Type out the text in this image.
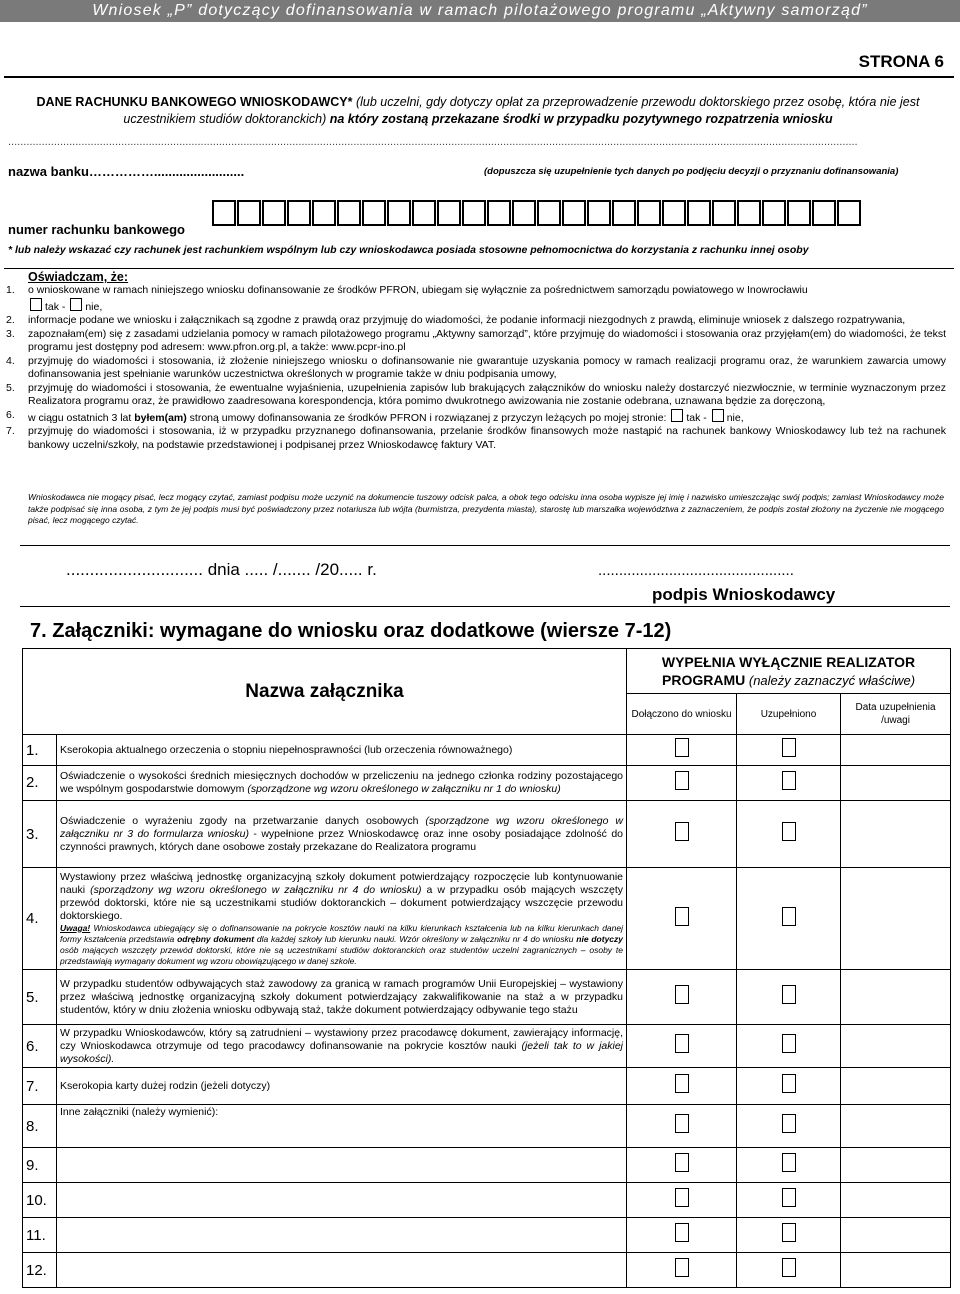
Wniosek „P” dotyczący dofinansowania w ramach pilotażowego programu „Aktywny samorząd”
STRONA 6
DANE RACHUNKU BANKOWEGO WNIOSKODAWCY* (lub uczelni, gdy dotyczy opłat za przeprowadzenie przewodu doktorskiego przez osobę, która nie jest uczestnikiem studiów doktoranckich) na który zostaną przekazane środki w przypadku pozytywnego rozpatrzenia wniosku
......................................................................................................................................................................................................................................................................................
nazwa banku…………….........................	(dopuszcza się uzupełnienie tych danych po podjęciu decyzji o przyznaniu dofinansowania)
numer rachunku bankowego
* lub należy wskazać czy rachunek jest rachunkiem wspólnym lub czy wnioskodawca posiada stosowne pełnomocnictwa do korzystania z rachunku innej osoby
Oświadczam, że:
1.	o wnioskowane w ramach niniejszego wniosku dofinansowanie ze środków PFRON, ubiegam się wyłącznie za pośrednictwem samorządu powiatowego w Inowrocławiu
tak - nie,
2.	informacje podane we wniosku i załącznikach są zgodne z prawdą oraz przyjmuję do wiadomości, że podanie informacji niezgodnych z prawdą, eliminuje wniosek z dalszego rozpatrywania,
3.	zapoznałam(em) się z zasadami udzielania pomocy w ramach pilotażowego programu „Aktywny samorząd”, które przyjmuję do wiadomości i stosowania oraz przyjęłam(em) do wiadomości, że tekst programu jest dostępny pod adresem: www.pfron.org.pl, a także: www.pcpr-ino.pl
4.	przyjmuję do wiadomości i stosowania, iż złożenie niniejszego wniosku o dofinansowanie nie gwarantuje uzyskania pomocy w ramach realizacji programu oraz, że warunkiem zawarcia umowy dofinansowania jest spełnianie warunków uczestnictwa określonych w programie także w dniu podpisania umowy,
5.	przyjmuję do wiadomości i stosowania, że ewentualne wyjaśnienia, uzupełnienia zapisów lub brakujących załączników do wniosku należy dostarczyć niezwłocznie, w terminie wyznaczonym przez Realizatora programu oraz, że prawidłowo zaadresowana korespondencja, która pomimo dwukrotnego awizowania nie zostanie odebrana, uznawana będzie za doręczoną,
6.	w ciągu ostatnich 3 lat byłem(am) stroną umowy dofinansowania ze środków PFRON i rozwiązanej z przyczyn leżących po mojej stronie: tak - nie,
7.	przyjmuję do wiadomości i stosowania, iż w przypadku przyznanego dofinansowania, przelanie środków finansowych może nastąpić na rachunek bankowy Wnioskodawcy lub też na rachunek bankowy uczelni/szkoły, na podstawie przedstawionej i podpisanej przez Wnioskodawcę faktury VAT.
Wnioskodawca nie mogący pisać, lecz mogący czytać, zamiast podpisu może uczynić na dokumencie tuszowy odcisk palca, a obok tego odcisku inna osoba wypisze jej imię i nazwisko umieszczając swój podpis; zamiast Wnioskodawcy może także podpisać się inna osoba, z tym że jej podpis musi być poświadczony przez notariusza lub wójta (burmistrza, prezydenta miasta), starostę lub marszałka województwa z zaznaczeniem, że podpis został złożony na życzenie nie mogącego pisać, lecz mogącego czytać.
............................. dnia ..... /....... /20..... r.	...............................................
podpis Wnioskodawcy
7. Załączniki: wymagane do wniosku oraz dodatkowe (wiersze 7-12)
Nazwa załącznika		WYPEŁNIA WYŁĄCZNIE REALIZATOR PROGRAMU (należy zaznaczyć właściwe)		
		Dołączono do wniosku	Uzupełniono	Data uzupełnienia /uwagi
1.	Kserokopia aktualnego orzeczenia o stopniu niepełnosprawności (lub orzeczenia równoważnego)			
2.	Oświadczenie o wysokości średnich miesięcznych dochodów w przeliczeniu na jednego członka rodziny pozostającego we wspólnym gospodarstwie domowym (sporządzone wg wzoru określonego w załączniku nr 1 do wniosku)			
3.	Oświadczenie o wyrażeniu zgody na przetwarzanie danych osobowych (sporządzone wg wzoru określonego w załączniku nr 3 do formularza wniosku) - wypełnione przez Wnioskodawcę oraz inne osoby posiadające zdolność do czynności prawnych, których dane osobowe zostały przekazane do Realizatora programu			
4.	Wystawiony przez właściwą jednostkę organizacyjną szkoły dokument potwierdzający rozpoczęcie lub kontynuowanie nauki (sporządzony wg wzoru określonego w załączniku nr 4 do wniosku) a w przypadku osób mających wszczęty przewód doktorski, które nie są uczestnikami studiów doktoranckich – dokument potwierdzający wszczęcie przewodu doktorskiego.
Uwaga! Wnioskodawca ubiegający się o dofinansowanie na pokrycie kosztów nauki na kilku kierunkach kształcenia lub na kilku kierunkach danej formy kształcenia przedstawia odrębny dokument dla każdej szkoły lub kierunku nauki. Wzór określony w załączniku nr 4 do wniosku nie dotyczy osób mających wszczęty przewód doktorski, które nie są uczestnikami studiów doktoranckich oraz studentów uczelni zagranicznych – osoby te przedstawiają wymagany dokument wg wzoru obowiązującego w danej szkole.			

5.	W przypadku studentów odbywających staż zawodowy za granicą w ramach programów Unii Europejskiej – wystawiony przez właściwą jednostkę organizacyjną szkoły dokument potwierdzający zakwalifikowanie na staż a w przypadku studentów, który w dniu złożenia wniosku odbywają staż, także dokument potwierdzający odbywanie tego stażu			
6.	W przypadku Wnioskodawców, który są zatrudnieni – wystawiony przez pracodawcę dokument, zawierający informację, czy Wnioskodawca otrzymuje od tego pracodawcy dofinansowanie na pokrycie kosztów nauki (jeżeli tak to w jakiej wysokości).			
7.	Kserokopia karty dużej rodzin (jeżeli dotyczy)			
8.	Inne załączniki (należy wymienić):			
9.				
10.				
11.				
12.				
